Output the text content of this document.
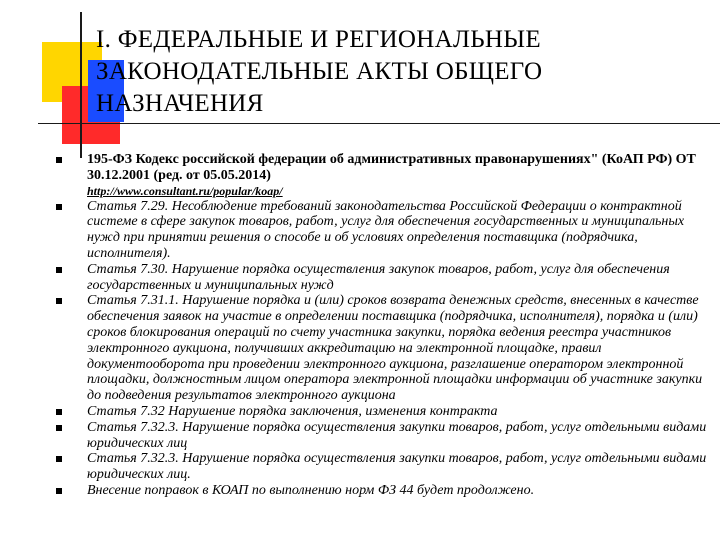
I. ФЕДЕРАЛЬНЫЕ И РЕГИОНАЛЬНЫЕ ЗАКОНОДАТЕЛЬНЫЕ АКТЫ ОБЩЕГО НАЗНАЧЕНИЯ
195-ФЗ Кодекс российской федерации об административных правонарушениях" (КоАП РФ) ОТ 30.12.2001 (ред. от 05.05.2014)
http://www.consultant.ru/popular/koap/
Статья 7.29. Несоблюдение требований законодательства Российской Федерации о контрактной системе в сфере закупок товаров, работ, услуг для обеспечения государственных и муниципальных нужд при принятии решения о способе и об условиях определения поставщика (подрядчика, исполнителя).
Статья 7.30. Нарушение порядка осуществления закупок товаров, работ, услуг для обеспечения государственных и муниципальных нужд
Статья 7.31.1. Нарушение порядка и (или) сроков возврата денежных средств, внесенных в качестве обеспечения заявок на участие в определении поставщика (подрядчика, исполнителя), порядка и (или) сроков блокирования операций по счету участника закупки, порядка ведения реестра участников электронного аукциона, получивших аккредитацию на электронной площадке, правил документооборота при проведении электронного аукциона, разглашение оператором электронной площадки, должностным лицом оператора электронной площадки информации об участнике закупки до подведения результатов электронного аукциона
Статья 7.32 Нарушение порядка заключения, изменения контракта
Статья 7.32.3. Нарушение порядка осуществления закупки товаров, работ, услуг отдельными видами юридических лиц
Статья 7.32.3. Нарушение порядка осуществления закупки товаров, работ, услуг отдельными видами юридических лиц.
Внесение поправок в КОАП по выполнению норм ФЗ 44 будет продолжено.
